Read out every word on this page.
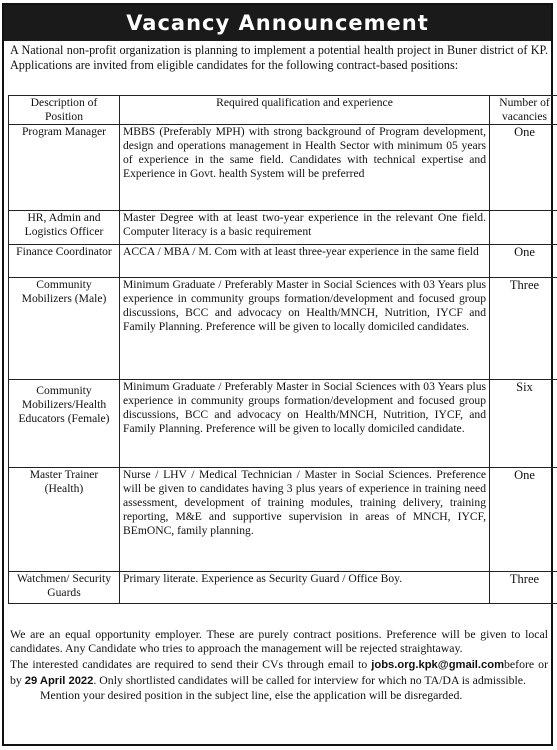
Vacancy Announcement
A National non-profit organization is planning to implement a potential health project in Buner district of KP. Applications are invited from eligible candidates for the following contract-based positions:
Description of Position	Required qualification and experience	Number of vacancies
Program Manager	MBBS (Preferably MPH) with strong background of Program development, design and operations management in Health Sector with minimum 05 years of experience in the same field. Candidates with technical expertise and Experience in Govt. health System will be preferred	One
HR, Admin and Logistics Officer	Master Degree with at least two-year experience in the relevant One field. Computer literacy is a basic requirement	
Finance Coordinator	ACCA / MBA / M. Com with at least three-year experience in the same field	One
Community Mobilizers (Male)	Minimum Graduate / Preferably Master in Social Sciences with 03 Years plus experience in community groups formation/development and focused group discussions, BCC and advocacy on Health/MNCH, Nutrition, IYCF and Family Planning. Preference will be given to locally domiciled candidates.	Three
Community Mobilizers/Health Educators (Female)	Minimum Graduate / Preferably Master in Social Sciences with 03 Years plus experience in community groups formation/development and focused group discussions, BCC and advocacy on Health/MNCH, Nutrition, IYCF, and Family Planning. Preference will be given to locally domiciled candidate.	Six
Master Trainer (Health)	Nurse / LHV / Medical Technician / Master in Social Sciences. Preference will be given to candidates having 3 plus years of experience in training need assessment, development of training modules, training delivery, training reporting, M&E and supportive supervision in areas of MNCH, IYCF, BEmONC, family planning.	One
Watchmen/ Security Guards	Primary literate. Experience as Security Guard / Office Boy.	Three

We are an equal opportunity employer. These are purely contract positions. Preference will be given to local candidates. Any Candidate who tries to approach the management will be rejected straightaway.

The interested candidates are required to send their CVs through email to jobs.org.kpk@gmail.combefore or by 29 April 2022. Only shortlisted candidates will be called for interview for which no TA/DA is admissible.

Mention your desired position in the subject line, else the application will be disregarded.
